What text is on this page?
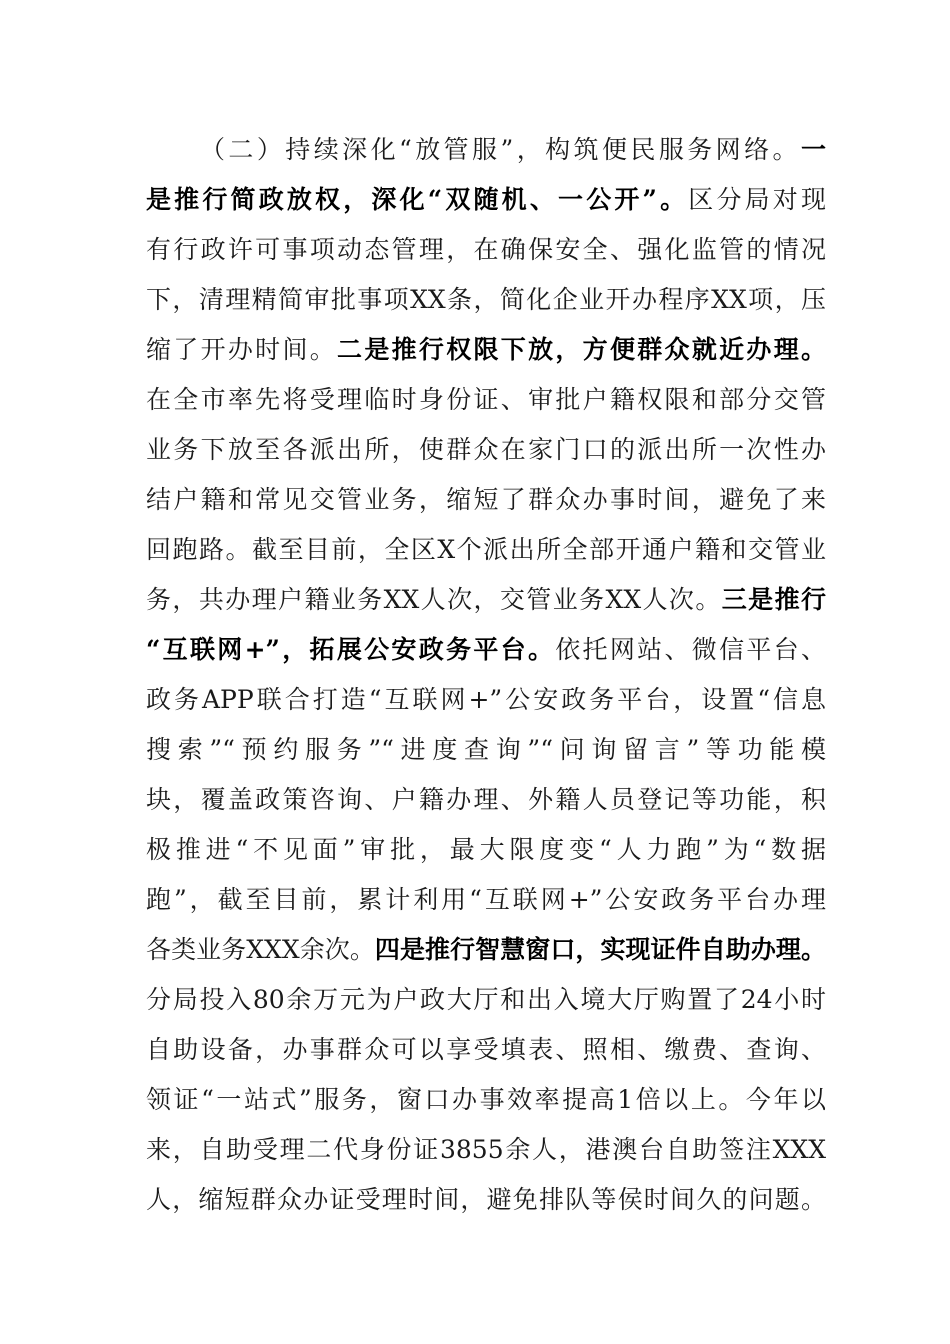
（二）持续深化“放管服”，构筑便民服务网络。一
是推行简政放权，深化“双随机、一公开”。区分局对现
有行政许可事项动态管理，在确保安全、强化监管的情况
下，清理精简审批事项XX条，简化企业开办程序XX项，压
缩了开办时间。二是推行权限下放，方便群众就近办理。
在全市率先将受理临时身份证、审批户籍权限和部分交管
业务下放至各派出所，使群众在家门口的派出所一次性办
结户籍和常见交管业务，缩短了群众办事时间，避免了来
回跑路。截至目前，全区X个派出所全部开通户籍和交管业
务，共办理户籍业务XX人次，交管业务XX人次。三是推行
“互联网+”，拓展公安政务平台。依托网站、微信平台、
政务APP联合打造“互联网+”公安政务平台，设置“信息
搜索”“预约服务”“进度查询”“问询留言”等功能模
块，覆盖政策咨询、户籍办理、外籍人员登记等功能，积
极推进“不见面”审批，最大限度变“人力跑”为“数据
跑”，截至目前，累计利用“互联网+”公安政务平台办理
各类业务XXX余次。四是推行智慧窗口，实现证件自助办理。
分局投入80余万元为户政大厅和出入境大厅购置了24小时
自助设备，办事群众可以享受填表、照相、缴费、查询、
领证“一站式”服务，窗口办事效率提高1倍以上。今年以
来，自助受理二代身份证3855余人，港澳台自助签注XXX
人，缩短群众办证受理时间，避免排队等侯时间久的问题。
